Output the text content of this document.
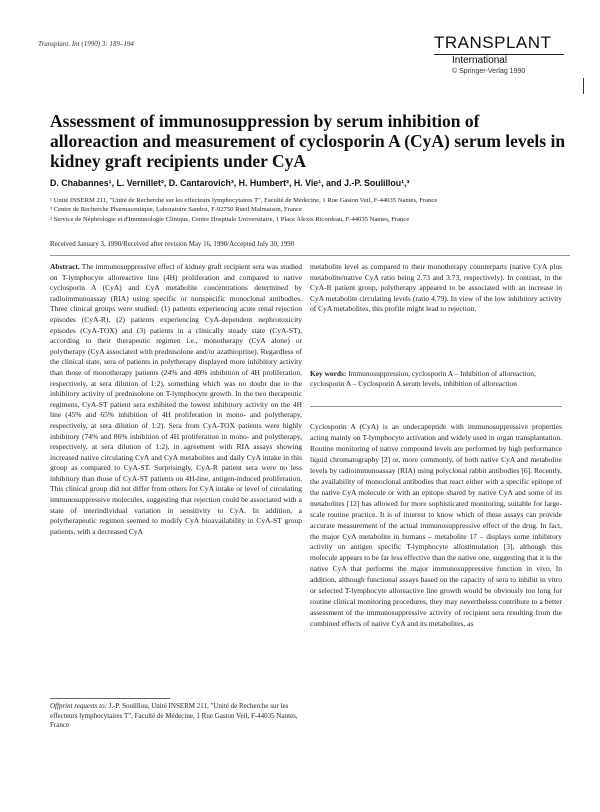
Transplant. Int (1990) 3: 189–194	TRANSPLANT
International
© Springer-Verlag 1990
Assessment of immunosuppression by serum inhibition of alloreaction and measurement of cyclosporin A (CyA) serum levels in kidney graft recipients under CyA
D. Chabannes¹, L. Vernillet², D. Cantarovich³, H. Humbert², H. Vie¹, and J.-P. Soulillou¹,³
¹ Unité INSERM 211, "Unité de Recherche sur les effecteurs lymphocytaires T", Faculté de Médecine, 1 Rue Gaston Veil, F-44035 Nantes, France
² Centre de Recherche Pharmaceutique, Laboratoire Sandoz, F-92750 Rueil Malmaison, France
³ Service de Néphrologie et d'Immunologie Clinique, Centre Hospitalo Universitaire, 1 Place Alexis Ricordeau, F-44035 Nantes, France
Received January 3, 1990/Received after revision May 16, 1990/Accepted July 30, 1990
Abstract. The immunosuppressive effect of kidney graft recipient sera was studied on T-lymphocyte alloreactive line (4H) proliferation and compared to native cyclosporin A (CyA) and CyA metabolite concentrations determined by radioimmunoassay (RIA) using specific or nonspecific monoclonal antibodies. Three clinical groups were studied: (1) patients experiencing acute renal rejection episodes (CyA-R), (2) patients experiencing CyA-dependent nephrotoxicity episodes (CyA-TOX) and (3) patients in a clinically steady state (CyA-ST), according to their therapeutic regimen i.e., monotherapy (CyA alone) or polytherapy (CyA associated with prednisolone and/or azathioprine). Regardless of the clinical state, sera of patients in polytherapy displayed more inhibitory activity than those of monotherapy patients (24% and 40% inhibition of 4H proliferation, respectively, at sera dilution of 1:2), something which was no doubt due to the inhibitory activity of prednisolone on T-lymphocyte growth. In the two therapeutic regimens, CyA-ST patient sera exhibited the lowest inhibitory activity on the 4H line (45% and 65% inhibition of 4H proliferation in mono- and polytherapy, respectively, at sera dilution of 1:2). Sera from CyA-TOX patients were highly inhibitory (74% and 86% inhibition of 4H proliferation in mono- and polytherapy, respectively, at sera dilution of 1:2), in agreement with RIA assays showing increased native circulating CyA and CyA metabolites and daily CyA intake in this group as compared to CyA-ST. Surprisingly, CyA-R patient sera were no less inhibitory than those of CyA-ST patients on 4H-line, antigen-induced proliferation. This clinical group did not differ from others for CyA intake or level of circulating immunosuppressive molecules, suggesting that rejection could be associated with a state of interindividual variation in sensitivity to CyA. In addition, a polytherapeutic regimen seemed to modify CyA bioavailability in CyA-ST group patients, with a decreased CyA
metabolite level as compared to their monotherapy counterparts (native CyA plus metabolite/native CyA ratio being 2.73 and 3.73, respectively). In contrast, in the CyA-R patient group, polytherapy appeared to be associated with an increase in CyA metabolite circulating levels (ratio 4.79). In view of the low inhibitory activity of CyA metabolites, this profile might lead to rejection.
Key words: Immunosuppression, cyclosporin A – Inhibition of alloreaction, cyclosporin A – Cyclosporin A serum levels, inhibition of alloreaction
Cyclosporin A (CyA) is an undecapeptide with immunosuppressive properties acting mainly on T-lymphocyte activation and widely used in organ transplantation. Routine monitoring of native compound levels are performed by high performance liquid chromatography [2] or, more commonly, of both native CyA and metabolite levels by radioimmunoassay (RIA) using polyclonal rabbit antibodies [6]. Recently, the availability of monoclonal antibodies that react either with a specific epitope of the native CyA molecule or with an epitope shared by native CyA and some of its metabolites [12] has allowed for more sophisticated monitoring, suitable for large-scale routine practice. It is of interest to know which of these assays can provide accurate measurement of the actual immunosuppressive effect of the drug. In fact, the major CyA metabolite in humans – metabolite 17 – displays some inhibitory activity on antigen specific T-lymphocyte allostimulation [3], although this molecule appears to be far less effective than the native one, suggesting that it is the native CyA that performs the major immunosuppressive function in vivo. In addition, although functional assays based on the capacity of sera to inhibit in vitro or selected T-lymphocyte alloreactive line growth would be obviously too long for routine clinical monitoring procedures, they may nevertheless contribute to a better assessment of the immunosuppressive activity of recipient sera resulting from the combined effects of native CyA and its metabolites, as
Offprint requests to: J.-P. Soulillou, Unité INSERM 211, "Unité de Recherche sur les effecteurs lymphocytaires T", Faculté de Médecine, 1 Rue Gaston Veil, F-44035 Nantes, France
